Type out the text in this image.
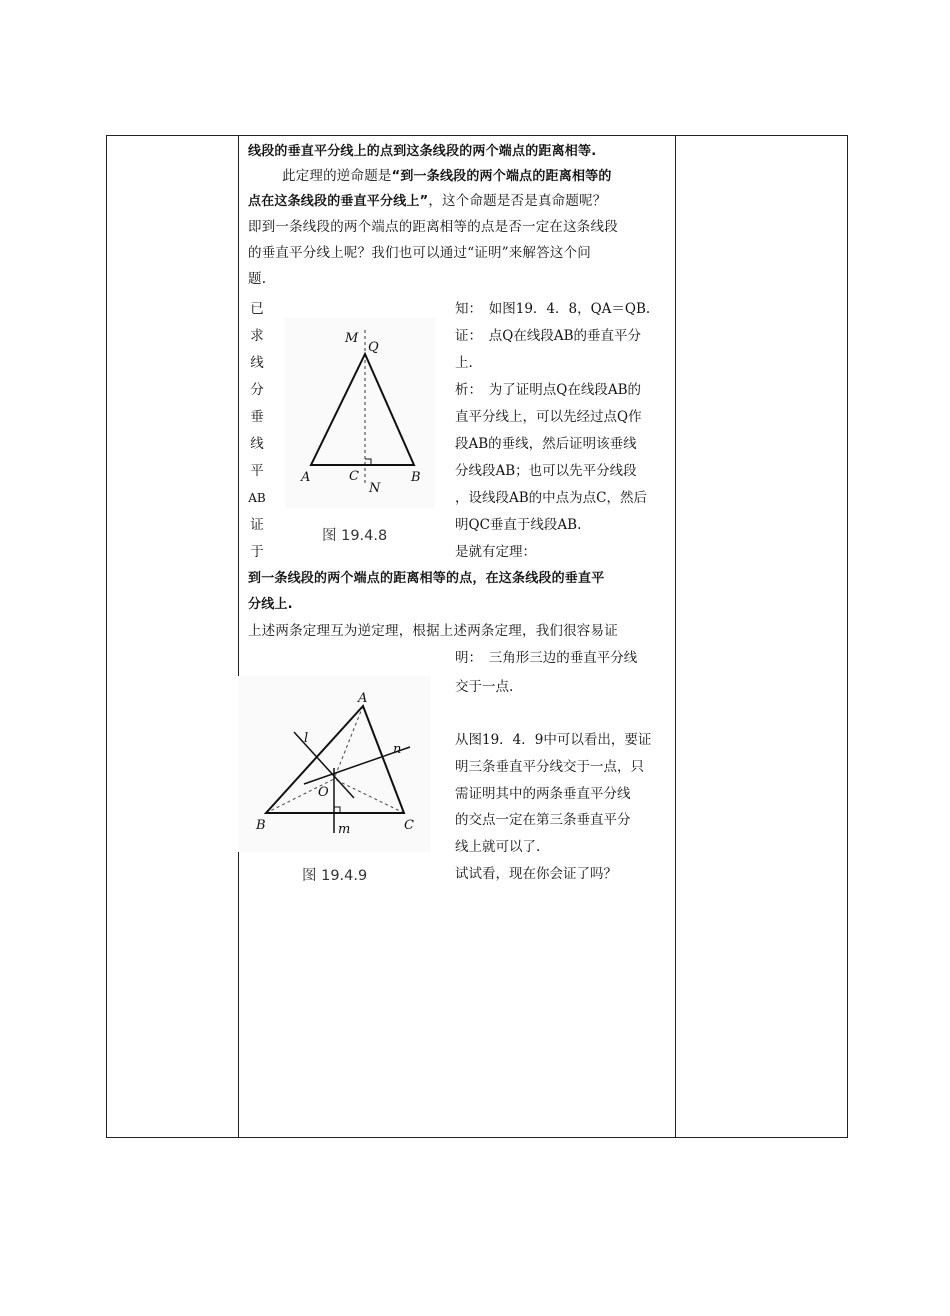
线段的垂直平分线上的点到这条线段的两个端点的距离相等.
此定理的逆命题是“到一条线段的两个端点的距离相等的
点在这条线段的垂直平分线上”，这个命题是否是真命题呢？
即到一条线段的两个端点的距离相等的点是否一定在这条线段
的垂直平分线上呢？我们也可以通过“证明”来解答这个问
题.
已
求
线
分
垂
线
平
AB
证
于
M
Q
A	C	B
N
图 19.4.8
知：　如图19．4．8，QA＝QB.
证：　点Q在线段AB的垂直平分
上.
析：　为了证明点Q在线段AB的
直平分线上，可以先经过点Q作
段AB的垂线，然后证明该垂线
分线段AB；也可以先平分线段
，设线段AB的中点为点C，然后
明QC垂直于线段AB.
是就有定理：
到一条线段的两个端点的距离相等的点，在这条线段的垂直平
分线上.
上述两条定理互为逆定理，根据上述两条定理，我们很容易证
A
B	C
O
l
n
m
图 19.4.9
明：　三角形三边的垂直平分线
交于一点.
从图19．4．9中可以看出，要证
明三条垂直平分线交于一点，只
需证明其中的两条垂直平分线
的交点一定在第三条垂直平分
线上就可以了.
试试看，现在你会证了吗？
